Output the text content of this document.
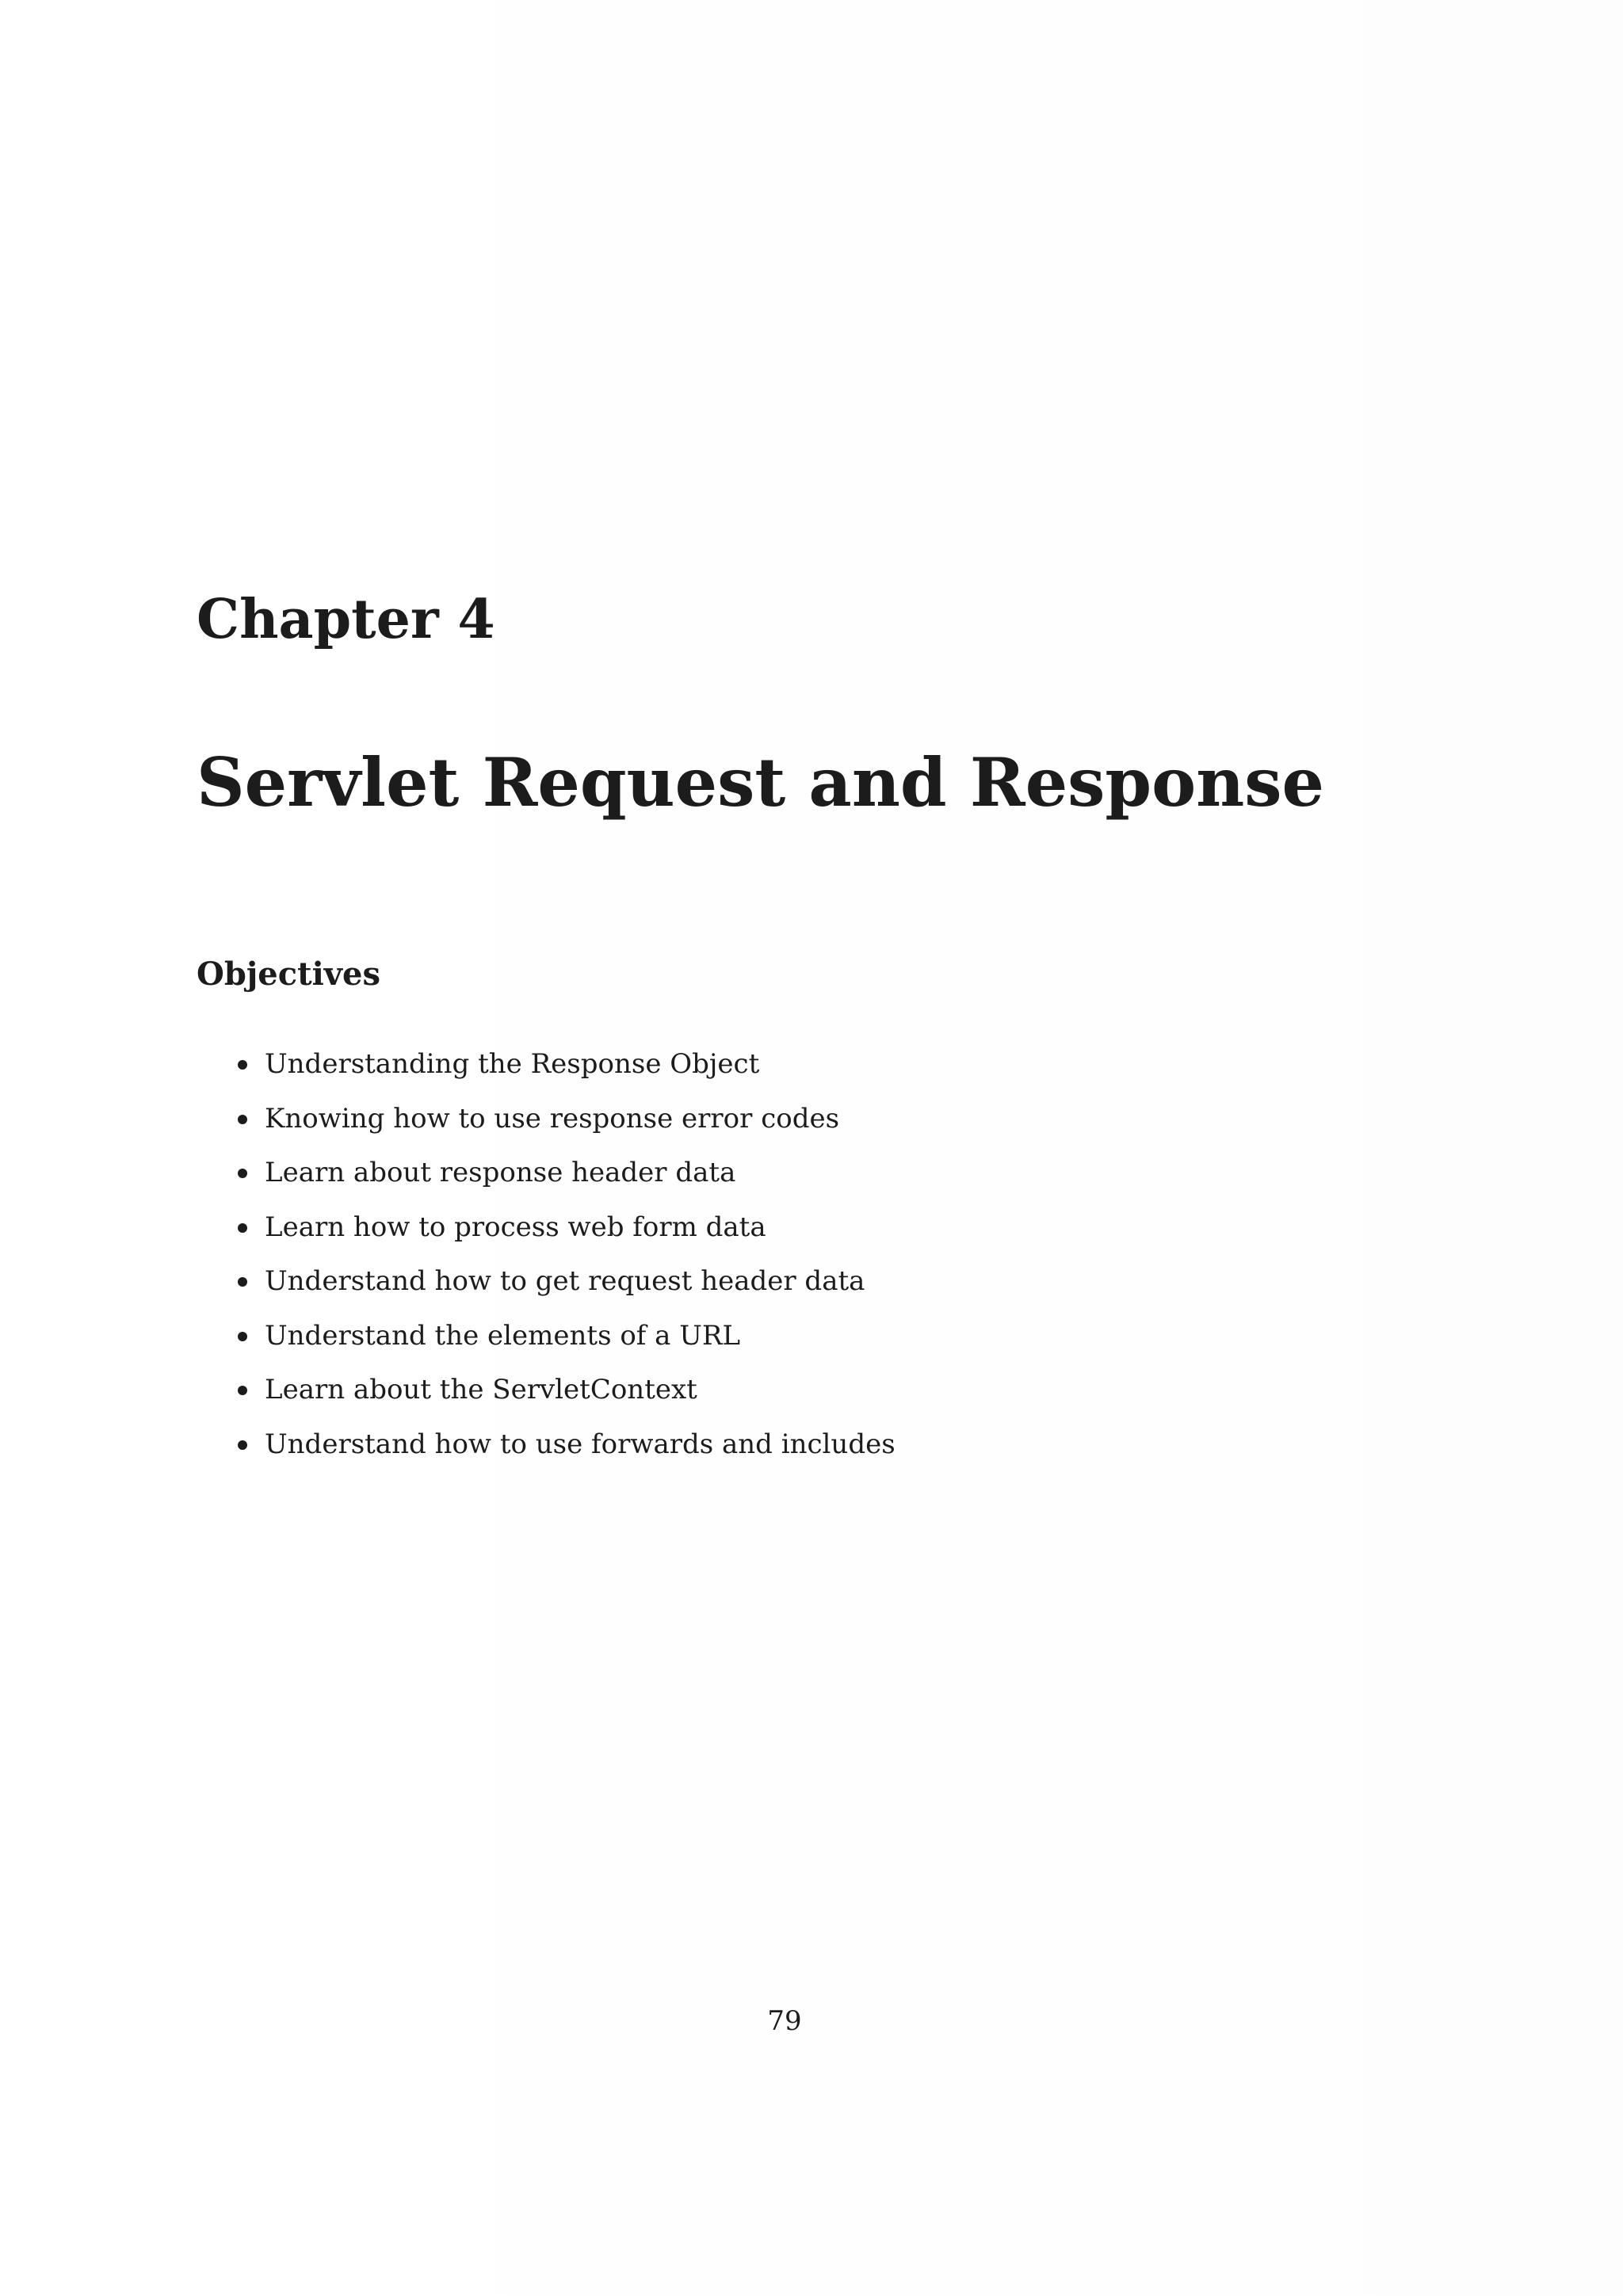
Chapter 4
Servlet Request and Response
Objectives
Understanding the Response Object
Knowing how to use response error codes
Learn about response header data
Learn how to process web form data
Understand how to get request header data
Understand the elements of a URL
Learn about the ServletContext
Understand how to use forwards and includes

79
